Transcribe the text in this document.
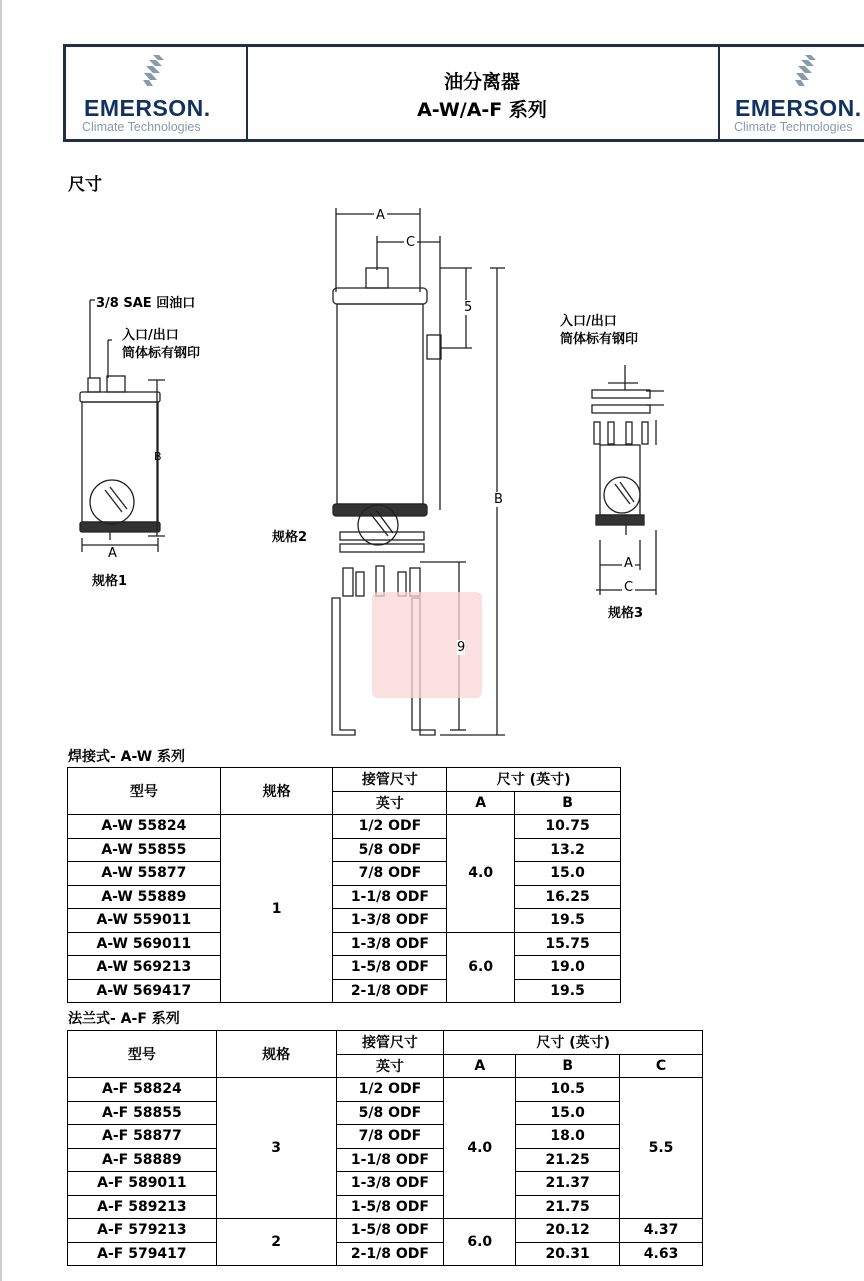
EMERSON.
Climate Technologies
油分离器
A-W/A-F 系列	EMERSON.
Climate Technologies
尺寸
3/8 SAE 回油口
入口/出口
筒体标有钢印
规格1
规格2
入口/出口
筒体标有钢印
规格3
A
B
A
C
5
B
9
A
C
焊接式- A-W 系列
型号	规格	接管尺寸	尺寸 (英寸)	
		英寸	A	B
A-W 55824	1	1/2 ODF	4.0	10.75
A-W 55855		5/8 ODF		13.2
A-W 55877		7/8 ODF		15.0
A-W 55889		1-1/8 ODF		16.25
A-W 559011		1-3/8 ODF		19.5
A-W 569011		1-3/8 ODF	6.0	15.75
A-W 569213		1-5/8 ODF		19.0
A-W 569417		2-1/8 ODF		19.5
法兰式- A-F 系列
型号	规格	接管尺寸	尺寸 (英寸)		
		英寸	A	B	C
A-F 58824	3	1/2 ODF	4.0	10.5	5.5
A-F 58855		5/8 ODF		15.0	
A-F 58877		7/8 ODF		18.0	
A-F 58889		1-1/8 ODF		21.25	
A-F 589011		1-3/8 ODF		21.37	
A-F 589213		1-5/8 ODF		21.75	
A-F 579213	2	1-5/8 ODF	6.0	20.12	4.37
A-F 579417		2-1/8 ODF		20.31	4.63
